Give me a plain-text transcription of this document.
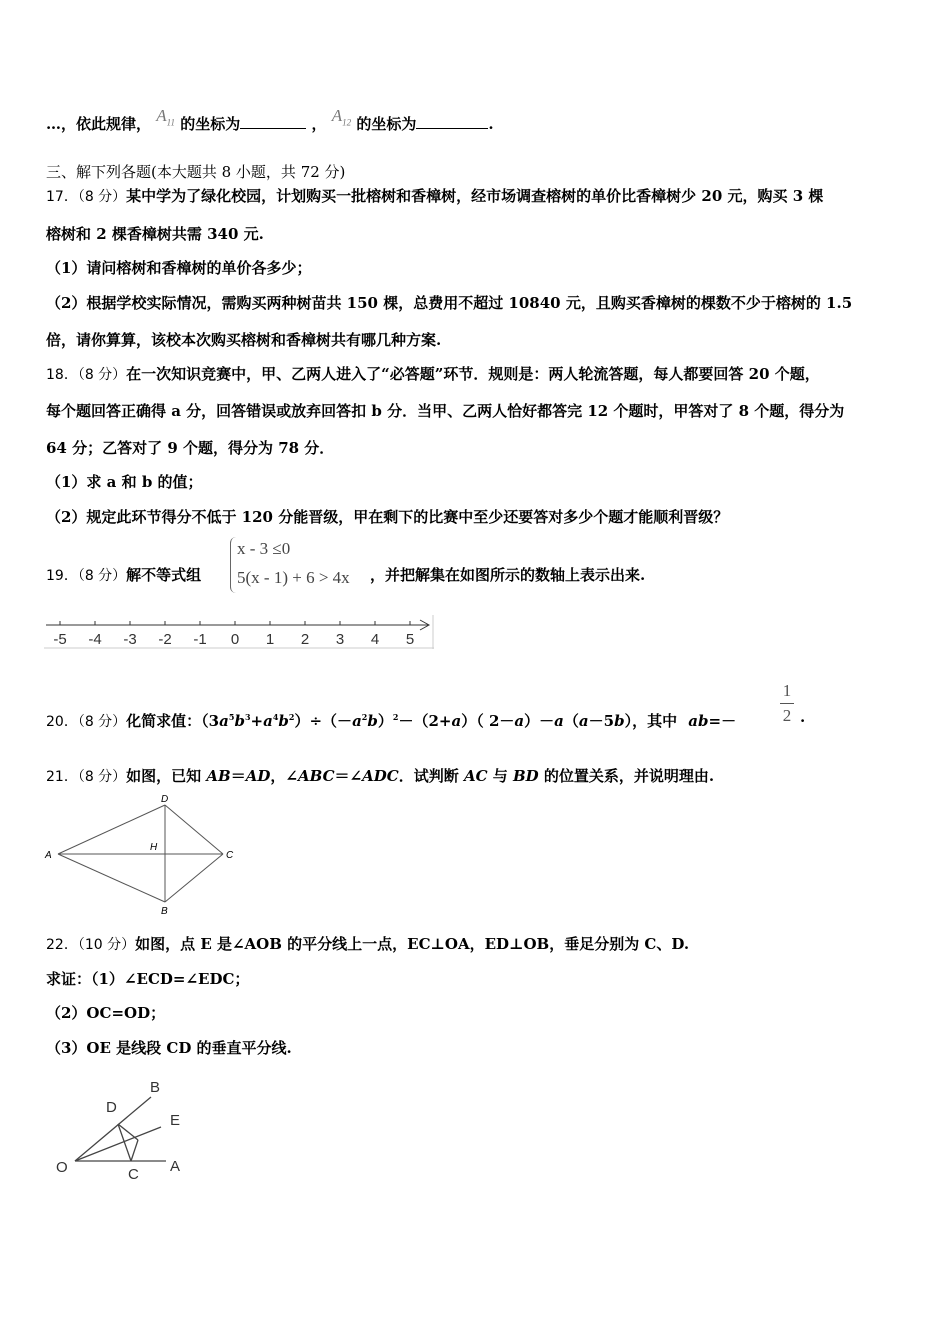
…，依此规律， $A_{11}$ 的坐标为	， $A_{12}$ 的坐标为	.
三、解下列各题(本大题共 8 小题，共 72 分)
17．（8 分）某中学为了绿化校园，计划购买一批榕树和香樟树，经市场调查榕树的单价比香樟树少 20 元，购买 3 棵
榕树和 2 棵香樟树共需 340 元.
（1）请问榕树和香樟树的单价各多少；
（2）根据学校实际情况，需购买两种树苗共 150 棵，总费用不超过 10840 元，且购买香樟树的棵数不少于榕树的 1.5
倍，请你算算，该校本次购买榕树和香樟树共有哪几种方案.
18．（8 分）在一次知识竞赛中，甲、乙两人进入了“必答题”环节．规则是：两人轮流答题，每人都要回答 20 个题，
每个题回答正确得 a 分，回答错误或放弃回答扣 b 分．当甲、乙两人恰好都答完 12 个题时，甲答对了 8 个题，得分为
64 分；乙答对了 9 个题，得分为 78 分．
（1）求 a 和 b 的值；
（2）规定此环节得分不低于 120 分能晋级，甲在剩下的比赛中至少还要答对多少个题才能顺利晋级？
19．（8 分）解不等式组
x - 3 ≤0
5(x - 1) + 6 > 4x ，并把解集在如图所示的数轴上表示出来.
-5 -4 -3 -2 -1 0 1 2 3 4 5
20．（8 分）化简求值：$(3a^5b^3+a^4b^2)\div(-a^2b)^2-(2+a)$（ 2－a）－a（a－5b），其中 ab=－
1
2 .
21．（8 分）如图，已知 AB＝AD，∠ABC＝∠ADC．试判断 AC 与 BD 的位置关系，并说明理由.
D
A
H
C
B
22．（10 分）如图，点 E 是∠AOB 的平分线上一点，EC⊥OA，ED⊥OB，垂足分别为 C、D.
求证：（1）∠ECD=∠EDC；
（2）OC=OD；
（3）OE 是线段 CD 的垂直平分线.
B
D
E
O	C A
